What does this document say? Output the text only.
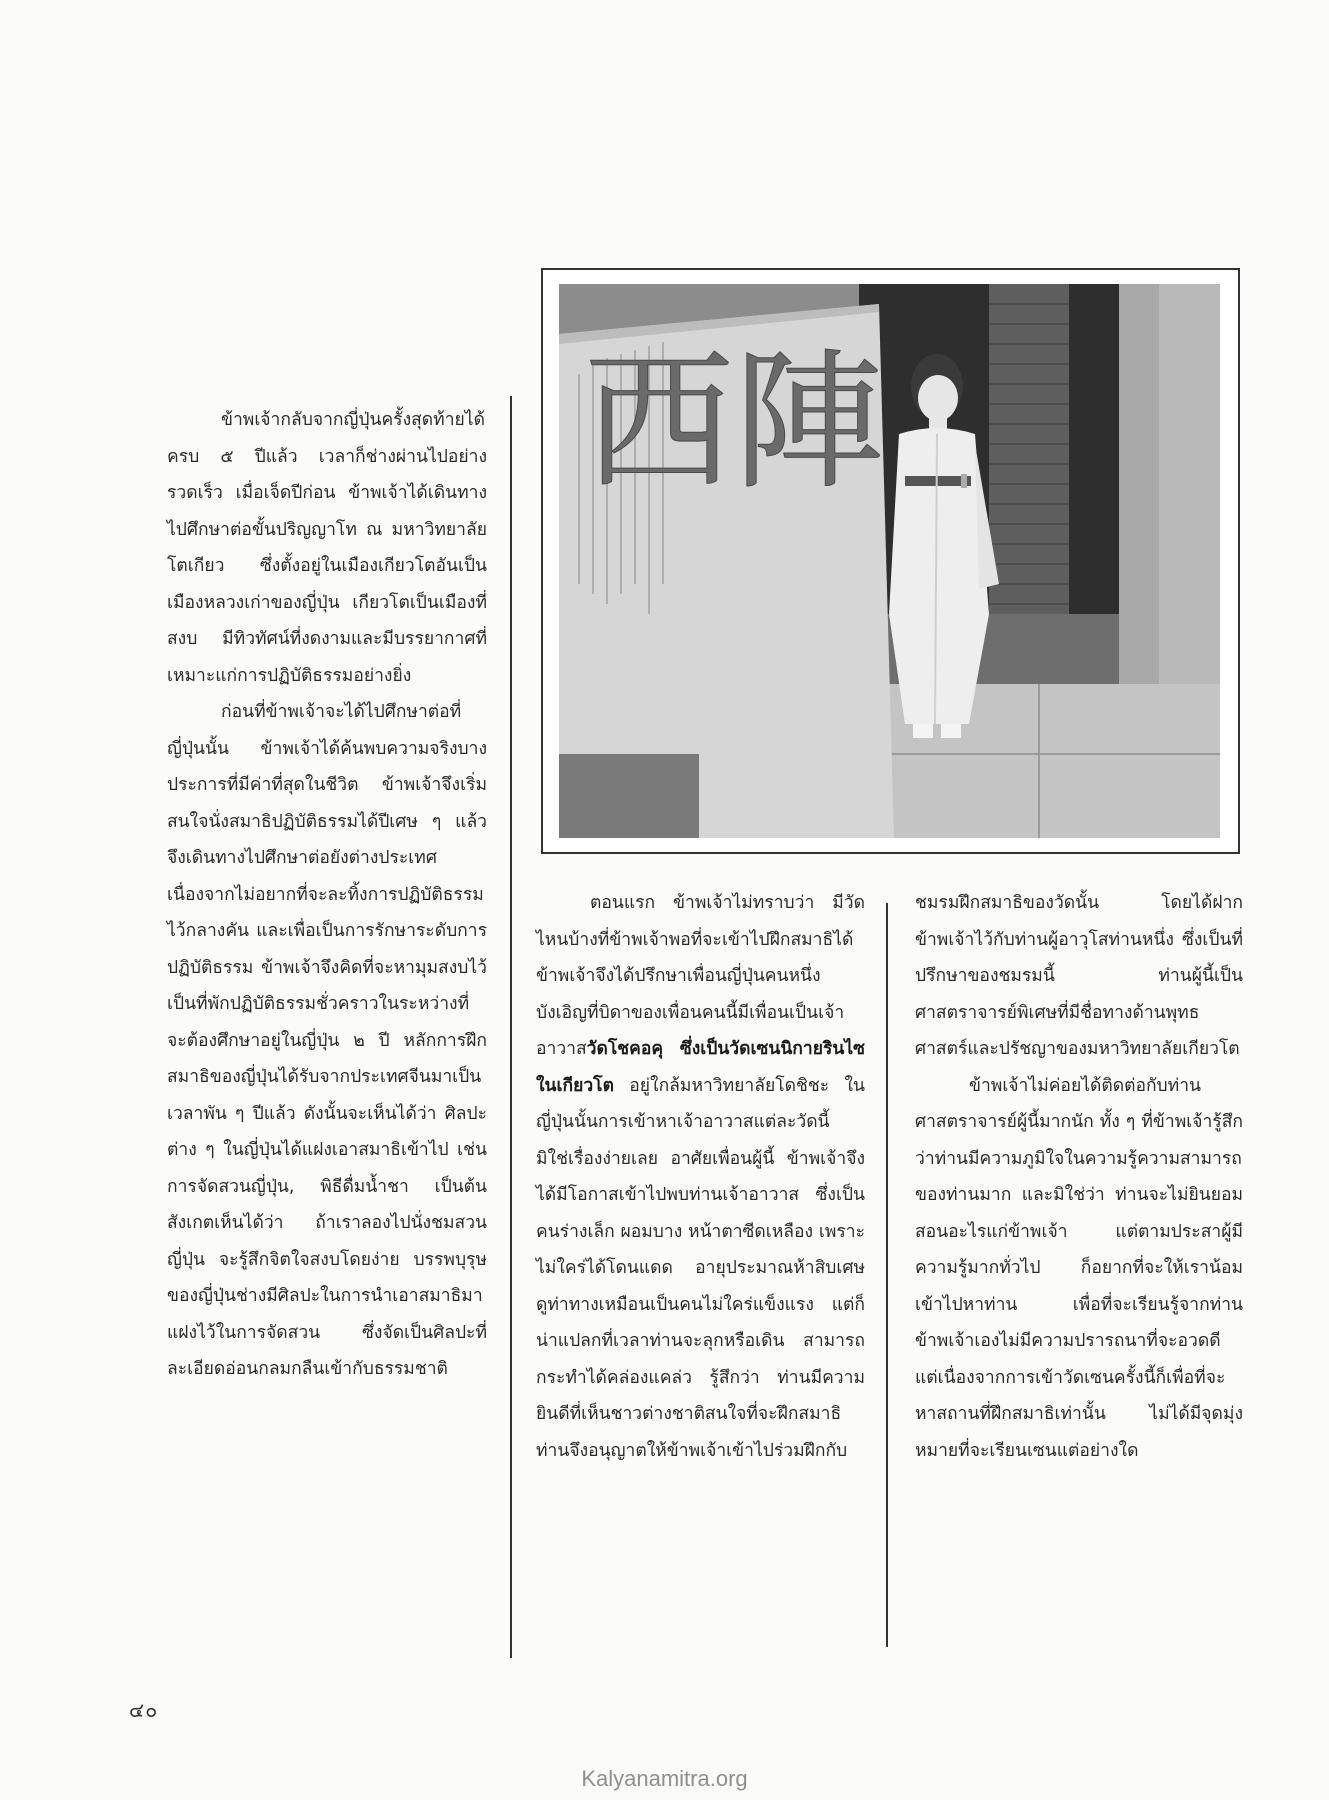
ข้าพเจ้ากลับจากญี่ปุ่นครั้งสุดท้ายได้ครบ ๕ ปีแล้ว เวลาก็ช่างผ่านไปอย่างรวดเร็ว เมื่อเจ็ดปีก่อน ข้าพเจ้าได้เดินทางไปศึกษาต่อขั้นปริญญาโท ณ มหาวิทยาลัยโตเกียว ซึ่งตั้งอยู่ในเมืองเกียวโตอันเป็นเมืองหลวงเก่าของญี่ปุ่น เกียวโตเป็นเมืองที่สงบ มีทิวทัศน์ที่งดงามและมีบรรยากาศที่เหมาะแก่การปฏิบัติธรรมอย่างยิ่ง

ก่อนที่ข้าพเจ้าจะได้ไปศึกษาต่อที่ญี่ปุ่นนั้น ข้าพเจ้าได้ค้นพบความจริงบางประการที่มีค่าที่สุดในชีวิต ข้าพเจ้าจึงเริ่มสนใจนั่งสมาธิปฏิบัติธรรมได้ปีเศษ ๆ แล้วจึงเดินทางไปศึกษาต่อยังต่างประเทศ เนื่องจากไม่อยากที่จะละทิ้งการปฏิบัติธรรมไว้กลางคัน และเพื่อเป็นการรักษาระดับการปฏิบัติธรรม ข้าพเจ้าจึงคิดที่จะหามุมสงบไว้เป็นที่พักปฏิบัติธรรมชั่วคราวในระหว่างที่จะต้องศึกษาอยู่ในญี่ปุ่น ๒ ปี หลักการฝึกสมาธิของญี่ปุ่นได้รับจากประเทศจีนมาเป็นเวลาพัน ๆ ปีแล้ว ดังนั้นจะเห็นได้ว่า ศิลปะต่าง ๆ ในญี่ปุ่นได้แฝงเอาสมาธิเข้าไป เช่น การจัดสวนญี่ปุ่น, พิธีดื่มน้ำชา เป็นต้น สังเกตเห็นได้ว่า ถ้าเราลองไปนั่งชมสวนญี่ปุ่น จะรู้สึกจิตใจสงบโดยง่าย บรรพบุรุษของญี่ปุ่นช่างมีศิลปะในการนำเอาสมาธิมาแฝงไว้ในการจัดสวน ซึ่งจัดเป็นศิลปะที่ละเอียดอ่อนกลมกลืนเข้ากับธรรมชาติ

西陣

ตอนแรก ข้าพเจ้าไม่ทราบว่า มีวัดไหนบ้างที่ข้าพเจ้าพอที่จะเข้าไปฝึกสมาธิได้ ข้าพเจ้าจึงได้ปรึกษาเพื่อนญี่ปุ่นคนหนึ่ง บังเอิญที่บิดาของเพื่อนคนนี้มีเพื่อนเป็นเจ้าอาวาสวัดโชคอคุ ซึ่งเป็นวัดเซนนิกายรินไซในเกียวโต อยู่ใกล้มหาวิทยาลัยโดชิชะ ในญี่ปุ่นนั้นการเข้าหาเจ้าอาวาสแต่ละวัดนี้ มิใช่เรื่องง่ายเลย อาศัยเพื่อนผู้นี้ ข้าพเจ้าจึงได้มีโอกาสเข้าไปพบท่านเจ้าอาวาส ซึ่งเป็นคนร่างเล็ก ผอมบาง หน้าตาซีดเหลือง เพราะไม่ใคร่ได้โดนแดด อายุประมาณห้าสิบเศษ ดูท่าทางเหมือนเป็นคนไม่ใคร่แข็งแรง แต่ก็น่าแปลกที่เวลาท่านจะลุกหรือเดิน สามารถกระทำได้คล่องแคล่ว รู้สึกว่า ท่านมีความยินดีที่เห็นชาวต่างชาติสนใจที่จะฝึกสมาธิ ท่านจึงอนุญาตให้ข้าพเจ้าเข้าไปร่วมฝึกกับ

ชมรมฝึกสมาธิของวัดนั้น โดยได้ฝากข้าพเจ้าไว้กับท่านผู้อาวุโสท่านหนึ่ง ซึ่งเป็นที่ปรึกษาของชมรมนี้ ท่านผู้นี้เป็นศาสตราจารย์พิเศษที่มีชื่อทางด้านพุทธศาสตร์และปรัชญาของมหาวิทยาลัยเกียวโต

ข้าพเจ้าไม่ค่อยได้ติดต่อกับท่านศาสตราจารย์ผู้นี้มากนัก ทั้ง ๆ ที่ข้าพเจ้ารู้สึกว่าท่านมีความภูมิใจในความรู้ความสามารถของท่านมาก และมิใช่ว่า ท่านจะไม่ยินยอมสอนอะไรแก่ข้าพเจ้า แต่ตามประสาผู้มีความรู้มากทั่วไป ก็อยากที่จะให้เราน้อมเข้าไปหาท่าน เพื่อที่จะเรียนรู้จากท่าน ข้าพเจ้าเองไม่มีความปรารถนาที่จะอวดดี แต่เนื่องจากการเข้าวัดเซนครั้งนี้ก็เพื่อที่จะหาสถานที่ฝึกสมาธิเท่านั้น ไม่ได้มีจุดมุ่งหมายที่จะเรียนเซนแต่อย่างใด

๔๐
Kalyanamitra.org
